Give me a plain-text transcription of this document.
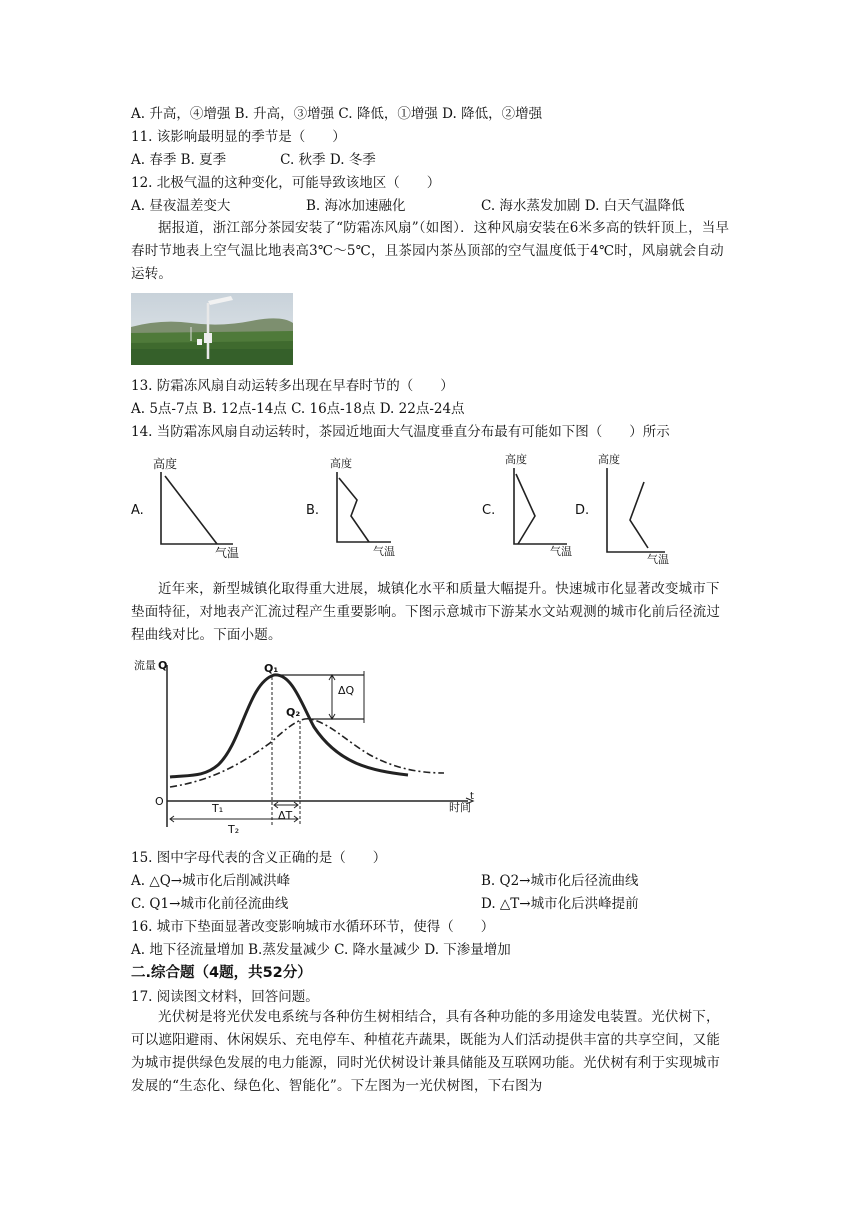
A. 升高，④增强 B. 升高，③增强 C. 降低，①增强 D. 降低，②增强
11. 该影响最明显的季节是（　　）
A. 春季 B. 夏季　　　　C. 秋季 D. 冬季
12. 北极气温的这种变化，可能导致该地区（　　）
A. 昼夜温差变大	B. 海冰加速融化	C. 海水蒸发加剧 D. 白天气温降低
据报道，浙江部分茶园安装了“防霜冻风扇”（如图）．这种风扇安装在6米多高的铁轩顶上，当早春时节地表上空气温比地表高3℃～5℃，且茶园内茶丛顶部的空气温度低于4℃时，风扇就会自动运转。
13. 防霜冻风扇自动运转多出现在早春时节的（　　）
A. 5点-7点 B. 12点-14点 C. 16点-18点 D. 22点-24点
14. 当防霜冻风扇自动运转时，茶园近地面大气温度垂直分布最有可能如下图（　　）所示
A.	B.	C.	D.
高度
气温
高度
气温
高度
气温
高度
气温
近年来，新型城镇化取得重大进展，城镇化水平和质量大幅提升。快速城市化显著改变城市下垫面特征，对地表产汇流过程产生重要影响。下图示意城市下游某水文站观测的城市化前后径流过程曲线对比。下面小题。
流量 Q
O	t
时间
Q₁
Q₂
ΔQ
ΔT
T₁
T₂
15. 图中字母代表的含义正确的是（　　）
A. △Q→城市化后削减洪峰	B. Q2→城市化后径流曲线
C. Q1→城市化前径流曲线	D. △T→城市化后洪峰提前
16. 城市下垫面显著改变影响城市水循环环节，使得（　　）
A. 地下径流量增加 B.蒸发量减少 C. 降水量减少 D. 下渗量增加
二.综合题（4题，共52分）
17. 阅读图文材料，回答问题。
光伏树是将光伏发电系统与各种仿生树相结合，具有各种功能的多用途发电装置。光伏树下，可以遮阳避雨、休闲娱乐、充电停车、种植花卉蔬果，既能为人们活动提供丰富的共享空间，又能为城市提供绿色发展的电力能源，同时光伏树设计兼具储能及互联网功能。光伏树有利于实现城市发展的“生态化、绿色化、智能化”。下左图为一光伏树图，下右图为
